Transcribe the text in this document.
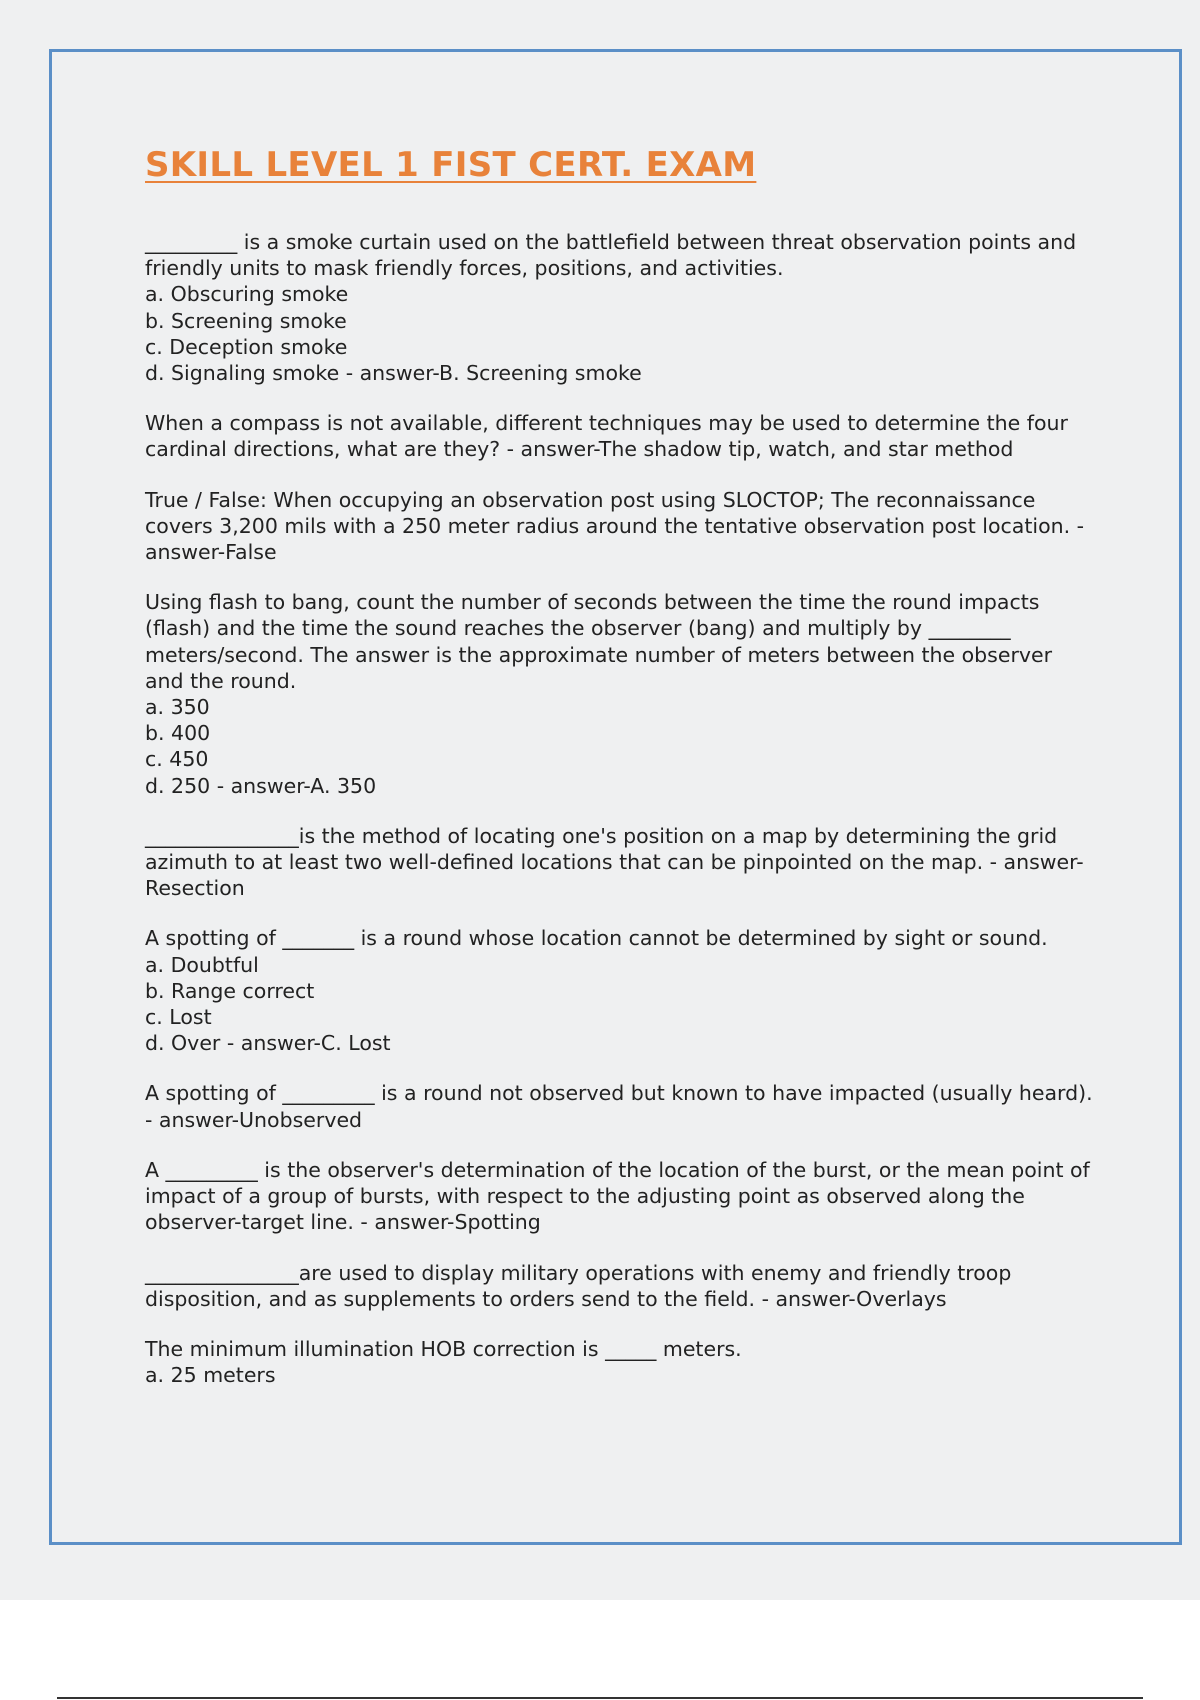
SKILL LEVEL 1 FIST CERT. EXAM

_________ is a smoke curtain used on the battlefield between threat observation points and friendly units to mask friendly forces, positions, and activities.

a. Obscuring smoke
b. Screening smoke
c. Deception smoke
d. Signaling smoke - answer-B. Screening smoke

When a compass is not available, different techniques may be used to determine the four cardinal directions, what are they? - answer-The shadow tip, watch, and star method

True / False: When occupying an observation post using SLOCTOP; The reconnaissance covers 3,200 mils with a 250 meter radius around the tentative observation post location. - answer-False

Using flash to bang, count the number of seconds between the time the round impacts (flash) and the time the sound reaches the observer (bang) and multiply by ________ meters/second. The answer is the approximate number of meters between the observer and the round.

a. 350
b. 400
c. 450
d. 250 - answer-A. 350

_______________is the method of locating one's position on a map by determining the grid azimuth to at least two well-defined locations that can be pinpointed on the map. - answer-Resection

A spotting of _______ is a round whose location cannot be determined by sight or sound.

a. Doubtful
b. Range correct
c. Lost
d. Over - answer-C. Lost

A spotting of _________ is a round not observed but known to have impacted (usually heard). - answer-Unobserved

A _________ is the observer's determination of the location of the burst, or the mean point of impact of a group of bursts, with respect to the adjusting point as observed along the observer-target line. - answer-Spotting

_______________are used to display military operations with enemy and friendly troop disposition, and as supplements to orders send to the field. - answer-Overlays

The minimum illumination HOB correction is _____ meters.

a. 25 meters
